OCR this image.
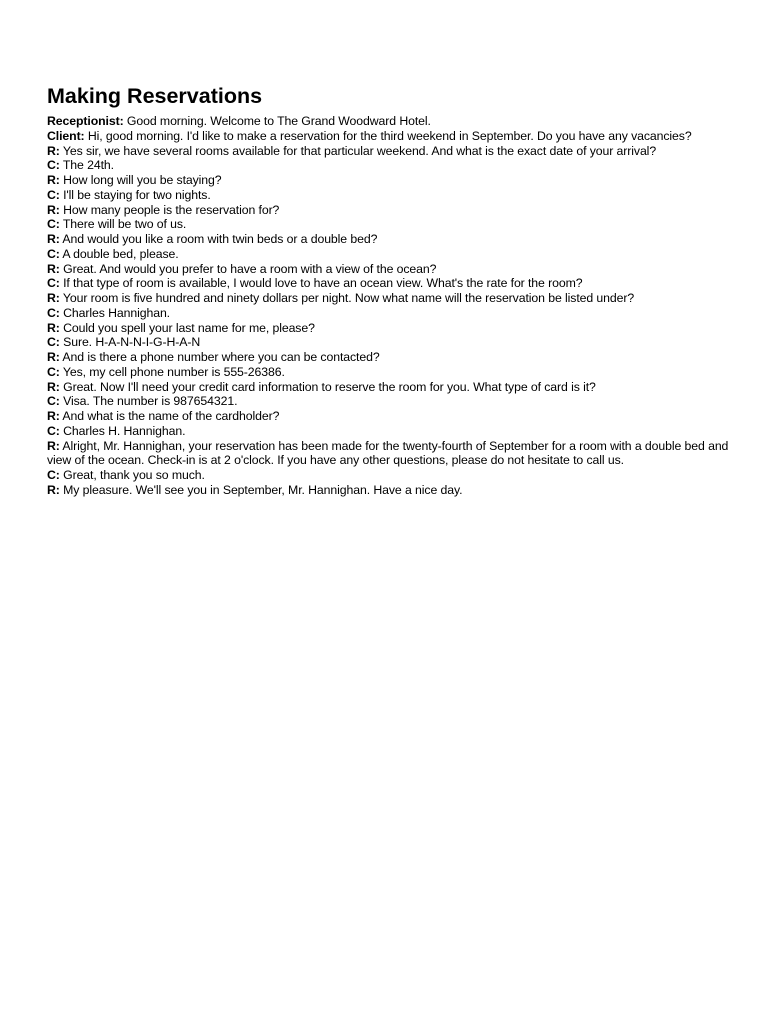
Making Reservations

Receptionist: Good morning. Welcome to The Grand Woodward Hotel.

Client: Hi, good morning. I'd like to make a reservation for the third weekend in September. Do you have any vacancies?

R: Yes sir, we have several rooms available for that particular weekend. And what is the exact date of your arrival?

C: The 24th.

R: How long will you be staying?

C: I'll be staying for two nights.

R: How many people is the reservation for?

C: There will be two of us.

R: And would you like a room with twin beds or a double bed?

C: A double bed, please.

R: Great. And would you prefer to have a room with a view of the ocean?

C: If that type of room is available, I would love to have an ocean view. What's the rate for the room?

R: Your room is five hundred and ninety dollars per night. Now what name will the reservation be listed under?

C: Charles Hannighan.

R: Could you spell your last name for me, please?

C: Sure. H-A-N-N-I-G-H-A-N

R: And is there a phone number where you can be contacted?

C: Yes, my cell phone number is 555-26386.

R: Great. Now I'll need your credit card information to reserve the room for you. What type of card is it?

C: Visa. The number is 987654321.

R: And what is the name of the cardholder?

C: Charles H. Hannighan.

R: Alright, Mr. Hannighan, your reservation has been made for the twenty-fourth of September for a room with a double bed and view of the ocean. Check-in is at 2 o'clock. If you have any other questions, please do not hesitate to call us.

C: Great, thank you so much.

R: My pleasure. We'll see you in September, Mr. Hannighan. Have a nice day.
